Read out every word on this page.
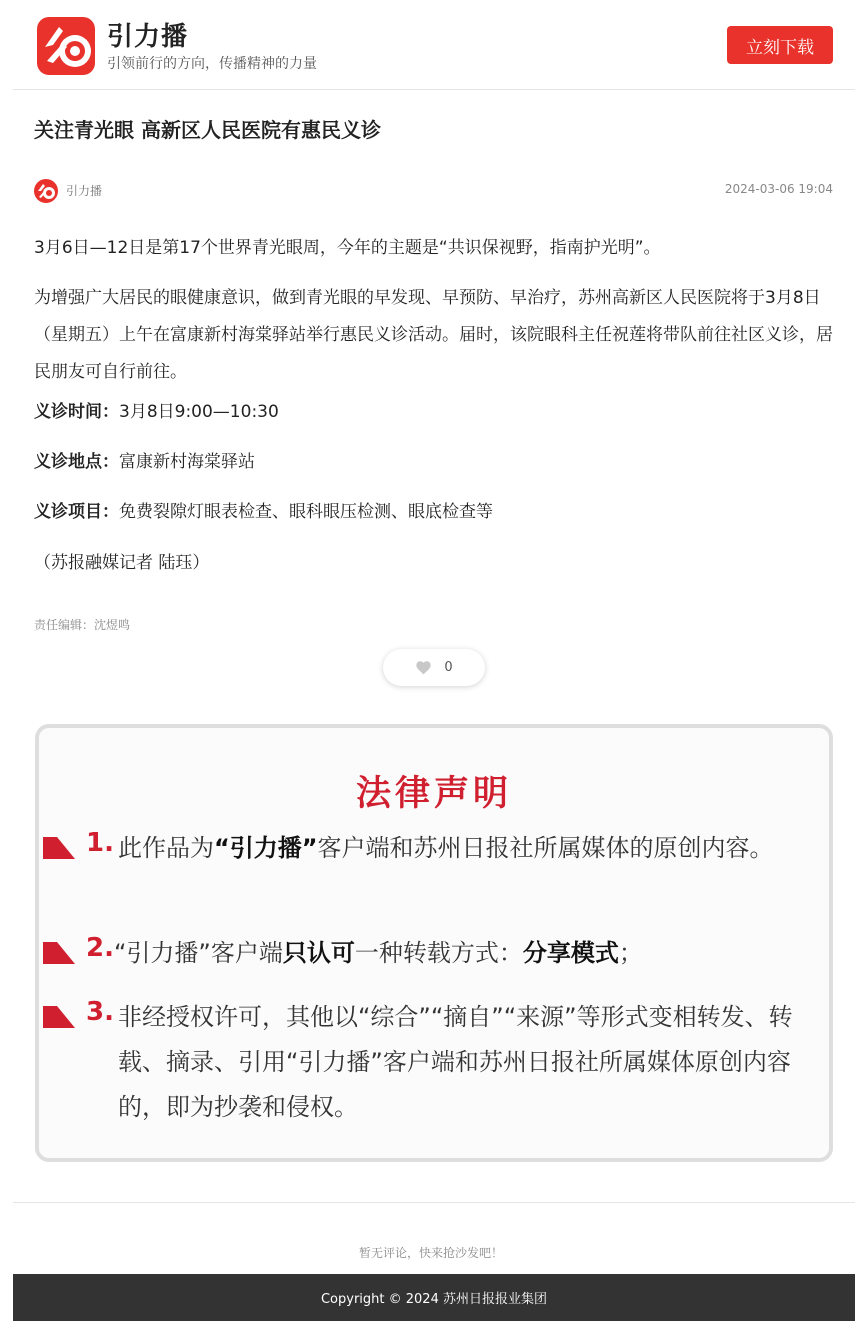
引力播
引领前行的方向，传播精神的力量
立刻下载
关注青光眼 高新区人民医院有惠民义诊
引力播	2024-03-06 19:04
3月6日—12日是第17个世界青光眼周，今年的主题是“共识保视野，指南护光明”。
为增强广大居民的眼健康意识，做到青光眼的早发现、早预防、早治疗，苏州高新区人民医院将于3月8日（星期五）上午在富康新村海棠驿站举行惠民义诊活动。届时，该院眼科主任祝莲将带队前往社区义诊，居民朋友可自行前往。
义诊时间：3月8日9:00—10:30
义诊地点：富康新村海棠驿站
义诊项目：免费裂隙灯眼表检查、眼科眼压检测、眼底检查等
（苏报融媒记者 陆珏）
责任编辑：沈煜鸣
0
法律声明
1. 此作品为“引力播”客户端和苏州日报社所属媒体的原创内容。
2. “引力播”客户端只认可一种转载方式：分享模式；
3. 非经授权许可，其他以“综合”“摘自”“来源”等形式变相转发、转载、摘录、引用“引力播”客户端和苏州日报社所属媒体原创内容的，即为抄袭和侵权。
暂无评论，快来抢沙发吧！
Copyright © 2024 苏州日报报业集团
